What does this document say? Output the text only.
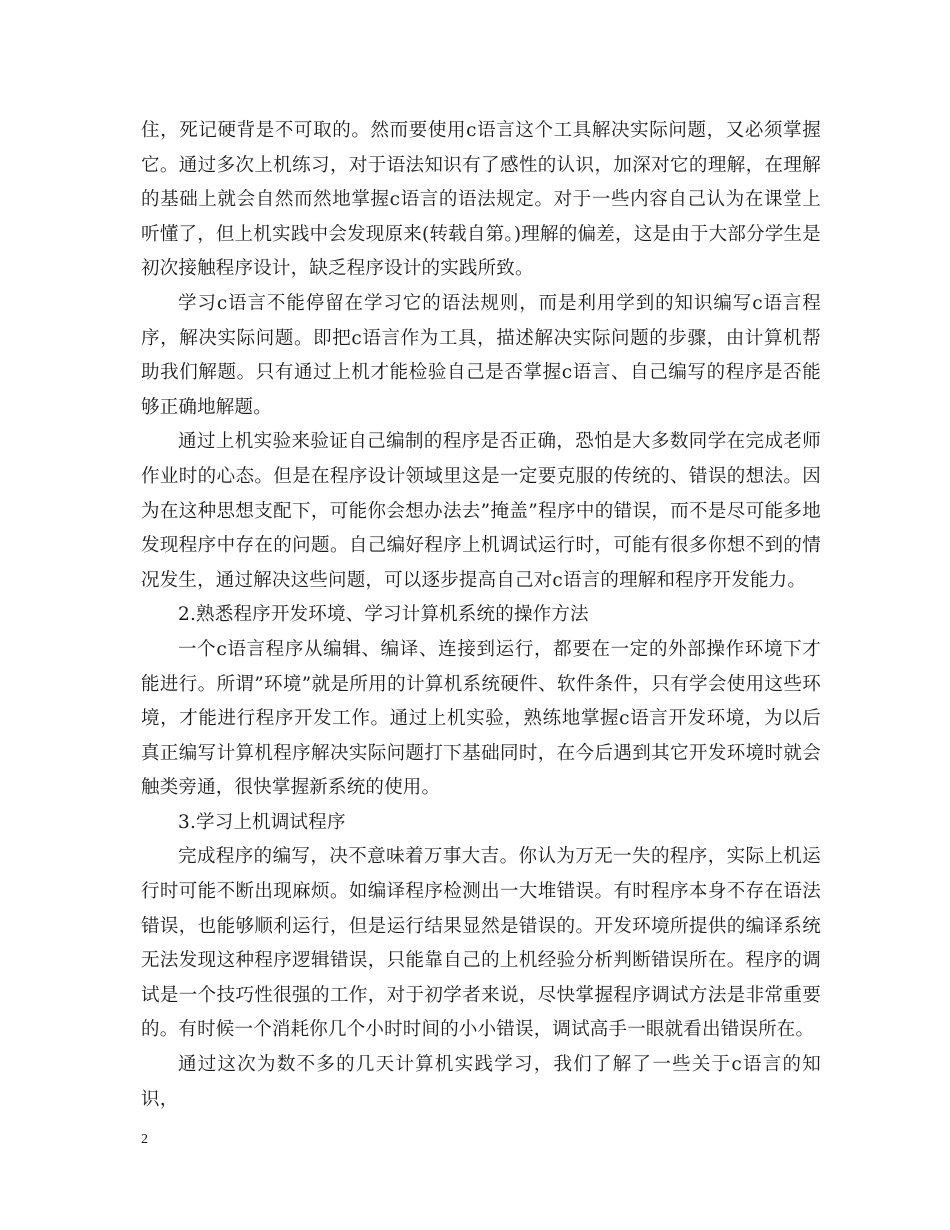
住，死记硬背是不可取的。然而要使用c语言这个工具解决实际问题，又必须掌握它。通过多次上机练习，对于语法知识有了感性的认识，加深对它的理解，在理解的基础上就会自然而然地掌握c语言的语法规定。对于一些内容自己认为在课堂上听懂了，但上机实践中会发现原来(转载自第。)理解的偏差，这是由于大部分学生是初次接触程序设计，缺乏程序设计的实践所致。

学习c语言不能停留在学习它的语法规则，而是利用学到的知识编写c语言程序，解决实际问题。即把c语言作为工具，描述解决实际问题的步骤，由计算机帮助我们解题。只有通过上机才能检验自己是否掌握c语言、自己编写的程序是否能够正确地解题。

通过上机实验来验证自己编制的程序是否正确，恐怕是大多数同学在完成老师作业时的心态。但是在程序设计领域里这是一定要克服的传统的、错误的想法。因为在这种思想支配下，可能你会想办法去”掩盖”程序中的错误，而不是尽可能多地发现程序中存在的问题。自己编好程序上机调试运行时，可能有很多你想不到的情况发生，通过解决这些问题，可以逐步提高自己对c语言的理解和程序开发能力。

2.熟悉程序开发环境、学习计算机系统的操作方法

一个c语言程序从编辑、编译、连接到运行，都要在一定的外部操作环境下才能进行。所谓”环境”就是所用的计算机系统硬件、软件条件，只有学会使用这些环境，才能进行程序开发工作。通过上机实验，熟练地掌握c语言开发环境，为以后真正编写计算机程序解决实际问题打下基础同时，在今后遇到其它开发环境时就会触类旁通，很快掌握新系统的使用。

3.学习上机调试程序

完成程序的编写，决不意味着万事大吉。你认为万无一失的程序，实际上机运行时可能不断出现麻烦。如编译程序检测出一大堆错误。有时程序本身不存在语法错误，也能够顺利运行，但是运行结果显然是错误的。开发环境所提供的编译系统无法发现这种程序逻辑错误，只能靠自己的上机经验分析判断错误所在。程序的调试是一个技巧性很强的工作，对于初学者来说，尽快掌握程序调试方法是非常重要的。有时候一个消耗你几个小时时间的小小错误，调试高手一眼就看出错误所在。

通过这次为数不多的几天计算机实践学习，我们了解了一些关于c语言的知识，

2
